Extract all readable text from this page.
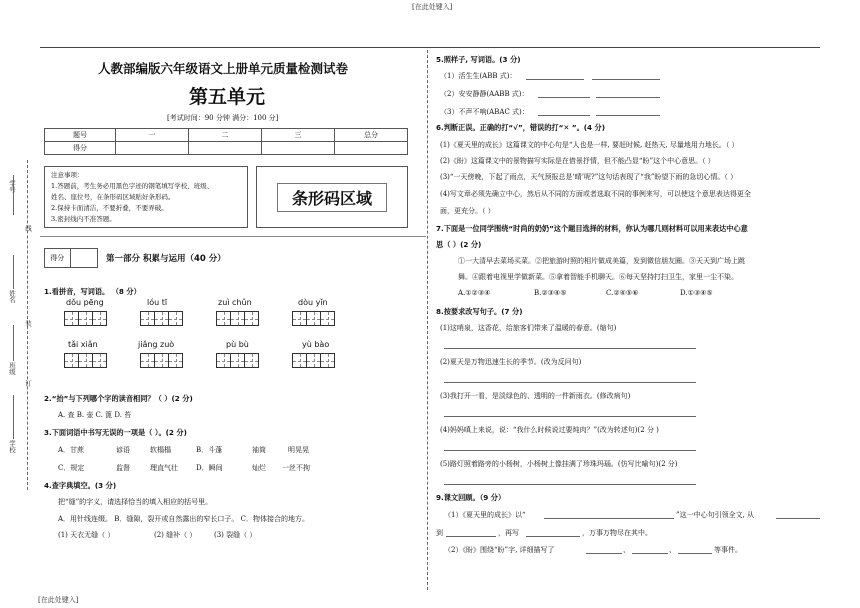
[在此处键入]
[在此处键入]
学号
线
姓名
装
班级
订
学校
人教部编版六年级语文上册单元质量检测试卷
第五单元
[考试时间：90 分钟 满分：100 分]
题号	一	二	三	总分
得分				
注意事项：
1.答题前，考生务必用黑色字迹的钢笔填写学校、班级、
姓名、座位号，在条形码区域贴好条形码。
2.保持卡面清洁，不要折叠，不要弄破。
3.密封线内不准答题。
条形码区域
得分	第一部分 积累与运用（40 分）
1.看拼音，写词语。 （8 分）
dǒu pēng	lóu tī	zuì chǔn	dòu yǐn
tǎi xiǎn	jiǎng zuò	pù bù	yù bào
2.“抬”与下列哪个字的读音相同？（ ）(2 分)
A. 查 B. 壶 C. 篦 D. 苔
3.下面词语中书写无误的一项是（ ）。(2 分)
A．甘蔗	谚语	软榻榻	B．斗蓬	袖筒	明晃晃
C．规定	监督	理直气壮	D．瞬间	灿烂 一丝不拘
4.查字典填空。(3 分)
把“缝”的字义，请选择恰当的填入相应的括号里。
A．用针线连缀。 B．缝隙，裂开或自然露出的窄长口子。 C．物体接合的地方。
(1) 天衣无缝（ ）	(2) 缝补（ ）	(3) 裂缝（ ）
5.照样子, 写词语。(3 分)
（1）活生生(ABB 式)：
（2）安安静静(AABB 式)：
（3）不声不响(ABAC 式)：
6.判断正误。正确的打“√”，错误的打“✕ ”。(4 分)
(1)《夏天里的成长》这篇课文的中心句是“人也是一样, 要赶时候, 赶热天, 尽量地用力地长。（ ）
(2)《盼》这篇课文中的景物描写实际是在借景抒情，但不能凸显“盼”这个中心意思。（ ）
(3)“一天傍晚，下起了雨点，天气预报总是‘晴’呢?”这句话表现了“我”盼望下雨的急切心情。（ ）
(4)写文章必须先确立中心，然后从不同的方面或者选取不同的事例来写，可以使这个意思表达得更全
面，更充分。（ ）
7.下面是一位同学围绕“时尚的奶奶”这个题目选择的材料，你认为哪几则材料可以用来表达中心意
思（ ）(2 分)
①一大清早去菜场买菜。②把旅游时照的相片做成美篇，发到微信朋友圈。③天天到广场上跳
舞。④跟着电视里学做新菜。⑤拿着智能手机聊天。⑥每天坚持打扫卫生，家里一尘不染。
A.①②③④	B.②③④⑤	C.②④⑤⑥	D.①③④⑤
8.按要求改写句子。(7 分)
(1)这哨泉，这香花，给旅客们带来了温暖的春意。(缩句)
(2)夏天是万物迅速生长的季节。(改为反问句)
(3)我打开一看，是淡绿色的、透明的一件新雨衣。(修改病句)
(4)妈妈嗔上来说，说：“我什么时候说过要炖肉？”(改为转述句)(2 分 )
(5)路灯照着路旁的小杨树，小杨树上像挂满了珍珠玛瑙。(仿写比喻句)(2 分)
9.课文回顾。（9 分）
（1）《夏天里的成长》以“	”这一中心句引领全文, 从
到	，再写	，万事万物尽在其中。
（2）《盼》围绕“盼”字, 详细描写了	、	、	等事件。
